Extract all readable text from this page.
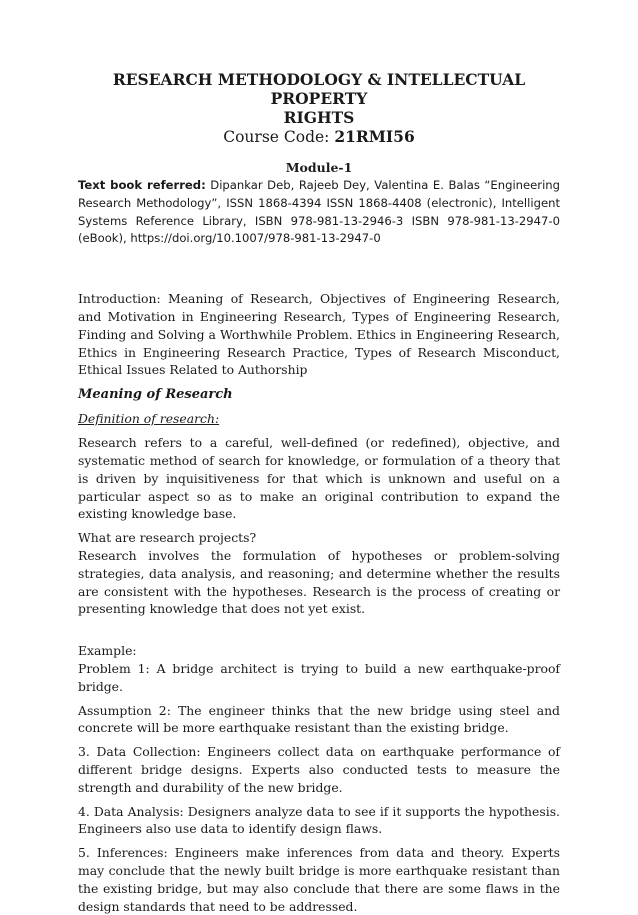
RESEARCH METHODOLOGY & INTELLECTUAL PROPERTY

RIGHTS

Course Code: 21RMI56

Module-1

Text book referred: Dipankar Deb, Rajeeb Dey, Valentina E. Balas “Engineering Research Methodology”, ISSN 1868-4394 ISSN 1868-4408 (electronic), Intelligent Systems Reference Library, ISBN 978-981-13-2946-3 ISBN 978-981-13-2947-0 (eBook), https://doi.org/10.1007/978-981-13-2947-0

Introduction: Meaning of Research, Objectives of Engineering Research, and Motivation in Engineering Research, Types of Engineering Research, Finding and Solving a Worthwhile Problem. Ethics in Engineering Research, Ethics in Engineering Research Practice, Types of Research Misconduct, Ethical Issues Related to Authorship

Meaning of Research

Definition of research:

Research refers to a careful, well-defined (or redefined), objective, and systematic method of search for knowledge, or formulation of a theory that is driven by inquisitiveness for that which is unknown and useful on a particular aspect so as to make an original contribution to expand the existing knowledge base.

What are research projects?

Research involves the formulation of hypotheses or problem-solving strategies, data analysis, and reasoning; and determine whether the results are consistent with the hypotheses. Research is the process of creating or presenting knowledge that does not yet exist.

Example:

Problem 1: A bridge architect is trying to build a new earthquake-proof bridge.

Assumption 2: The engineer thinks that the new bridge using steel and concrete will be more earthquake resistant than the existing bridge.

3. Data Collection: Engineers collect data on earthquake performance of different bridge designs. Experts also conducted tests to measure the strength and durability of the new bridge.

4. Data Analysis: Designers analyze data to see if it supports the hypothesis. Engineers also use data to identify design flaws.

5. Inferences: Engineers make inferences from data and theory. Experts may conclude that the newly built bridge is more earthquake resistant than the existing bridge, but may also conclude that there are some flaws in the design standards that need to be addressed.
